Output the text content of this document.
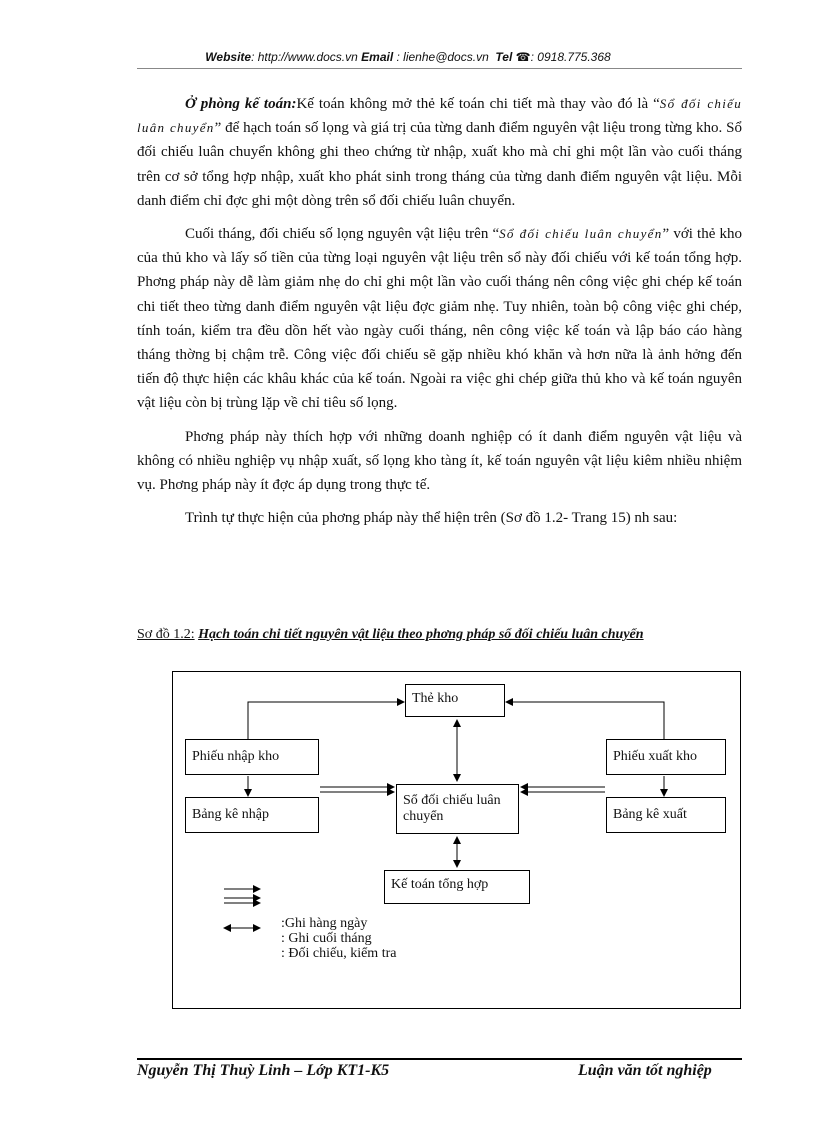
Website: http://www.docs.vn Email : lienhe@docs.vn Tel ☎: 0918.775.368

Ở phòng kế toán:Kế toán không mở thẻ kế toán chi tiết mà thay vào đó là “Sổ đối chiếu luân chuyển” để hạch toán số lọng và giá trị của từng danh điểm nguyên vật liệu trong từng kho. Sổ đối chiếu luân chuyển không ghi theo chứng từ nhập, xuất kho mà chỉ ghi một lần vào cuối tháng trên cơ sở tổng hợp nhập, xuất kho phát sinh trong tháng của từng danh điểm nguyên vật liệu. Mỗi danh điểm chỉ đợc ghi một dòng trên sổ đối chiếu luân chuyển.

Cuối tháng, đối chiếu số lọng nguyên vật liệu trên “Sổ đối chiếu luân chuyển” với thẻ kho của thủ kho và lấy số tiền của từng loại nguyên vật liệu trên sổ này đối chiếu với kế toán tổng hợp. Phơng pháp này dễ làm giảm nhẹ do chỉ ghi một lần vào cuối tháng nên công việc ghi chép kế toán chi tiết theo từng danh điểm nguyên vật liệu đợc giảm nhẹ. Tuy nhiên, toàn bộ công việc ghi chép, tính toán, kiểm tra đều dồn hết vào ngày cuối tháng, nên công việc kế toán và lập báo cáo hàng tháng thờng bị chậm trễ. Công việc đối chiếu sẽ gặp nhiều khó khăn và hơn nữa là ảnh hởng đến tiến độ thực hiện các khâu khác của kế toán. Ngoài ra việc ghi chép giữa thủ kho và kế toán nguyên vật liệu còn bị trùng lặp về chỉ tiêu số lọng.

Phơng pháp này thích hợp với những doanh nghiệp có ít danh điểm nguyên vật liệu và không có nhiều nghiệp vụ nhập xuất, số lọng kho tàng ít, kế toán nguyên vật liệu kiêm nhiều nhiệm vụ. Phơng pháp này ít đợc áp dụng trong thực tế.

Trình tự thực hiện của phơng pháp này thể hiện trên (Sơ đồ 1.2- Trang 15) nh sau:

Sơ đồ 1.2: Hạch toán chi tiết nguyên vật liệu theo phơng pháp sổ đối chiếu luân chuyển
Thẻ kho
Phiếu nhập kho	Phiếu xuất kho
Sổ đối chiếu luân chuyển
Bảng kê nhập	Bảng kê xuất
Kế toán tổng hợp
:Ghi hàng ngày
: Ghi cuối tháng
: Đối chiếu, kiểm tra
Nguyễn Thị Thuỳ Linh – Lớp KT1-K5	Luận văn tốt nghiệp
